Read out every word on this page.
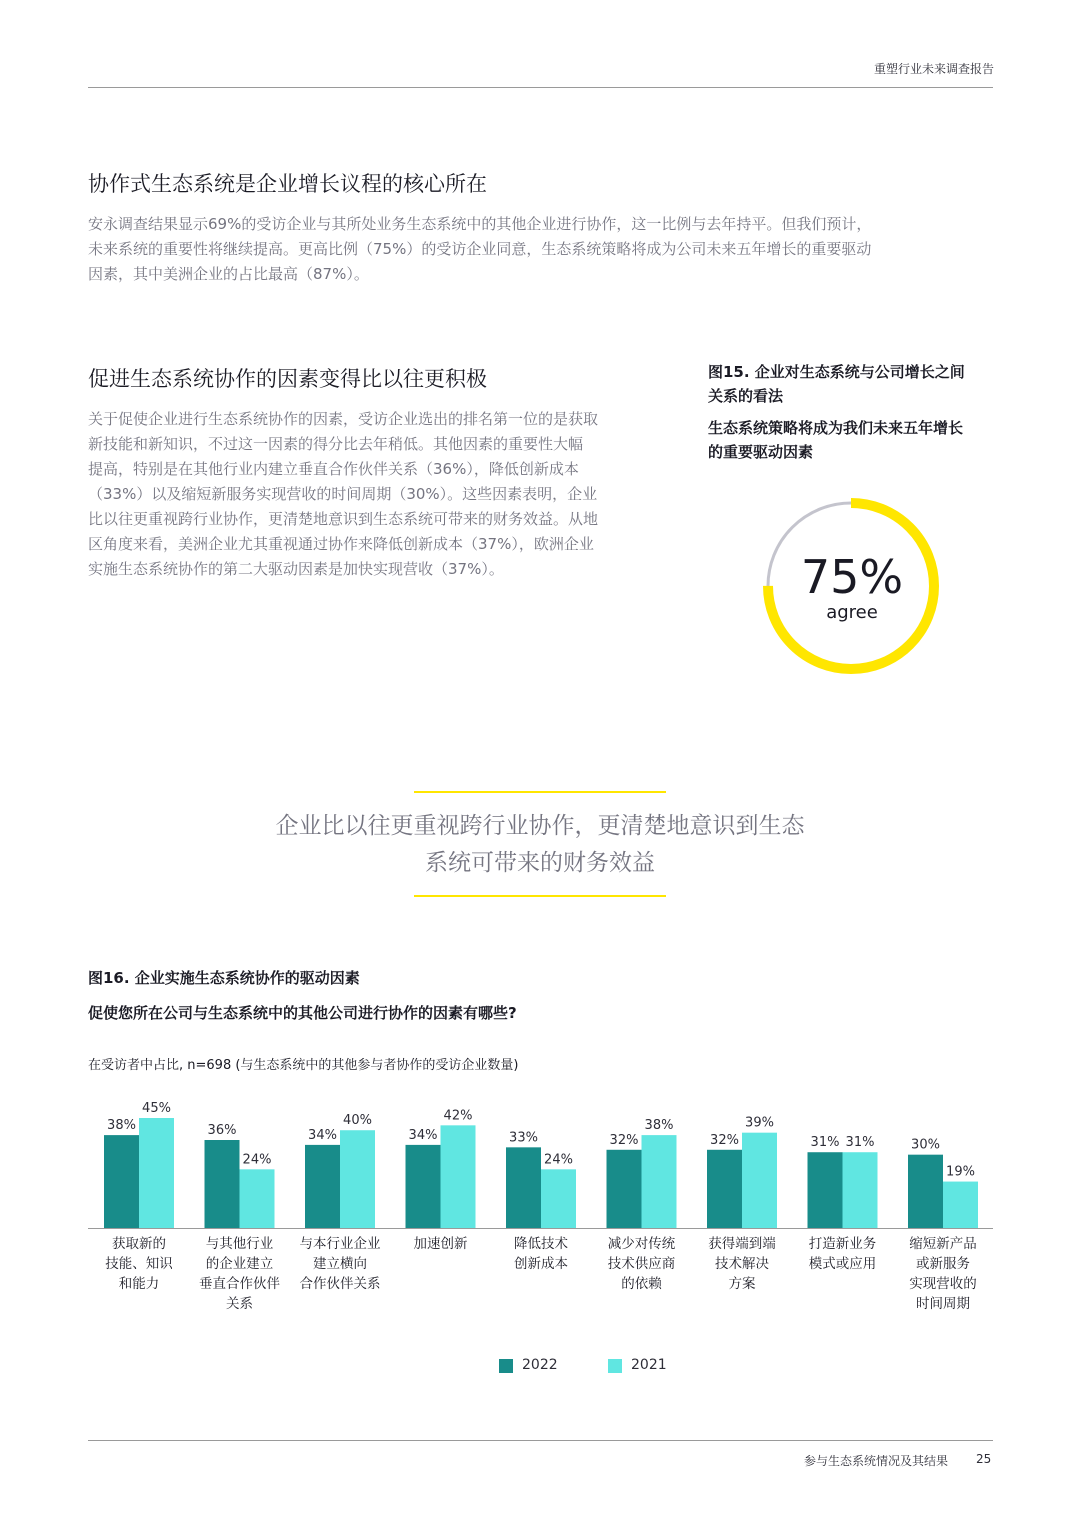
重塑行业未来调查报告
协作式生态系统是企业增长议程的核心所在
安永调查结果显示69%的受访企业与其所处业务生态系统中的其他企业进行协作，这一比例与去年持平。但我们预计，
未来系统的重要性将继续提高。更高比例（75%）的受访企业同意，生态系统策略将成为公司未来五年增长的重要驱动
因素，其中美洲企业的占比最高（87%）。
促进生态系统协作的因素变得比以往更积极
关于促使企业进行生态系统协作的因素，受访企业选出的排名第一位的是获取
新技能和新知识，不过这一因素的得分比去年稍低。其他因素的重要性大幅
提高，特别是在其他行业内建立垂直合作伙伴关系（36%），降低创新成本
（33%）以及缩短新服务实现营收的时间周期（30%）。这些因素表明，企业
比以往更重视跨行业协作，更清楚地意识到生态系统可带来的财务效益。从地
区角度来看，美洲企业尤其重视通过协作来降低创新成本（37%），欧洲企业
实施生态系统协作的第二大驱动因素是加快实现营收（37%）。
图15. 企业对生态系统与公司增长之间
关系的看法
生态系统策略将成为我们未来五年增长
的重要驱动因素
75%
agree
企业比以往更重视跨行业协作，更清楚地意识到生态
系统可带来的财务效益
图16. 企业实施生态系统协作的驱动因素
促使您所在公司与生态系统中的其他公司进行协作的因素有哪些?
在受访者中占比, n=698 (与生态系统中的其他参与者协作的受访企业数量)
38%
45%
36%
24%
34%
40%
34%
42%
33%
24%
32%
38%
32%
39%
31% 31%	30%
19%
获取新的
技能、知识
和能力
与其他行业
的企业建立
垂直合作伙伴
关系
与本行业企业
建立横向
合作伙伴关系
加速创新	降低技术
创新成本
减少对传统
技术供应商
的依赖
获得端到端
技术解决
方案
打造新业务
模式或应用
缩短新产品
或新服务
实现营收的
时间周期
2022	2021
参与生态系统情况及其结果 25
